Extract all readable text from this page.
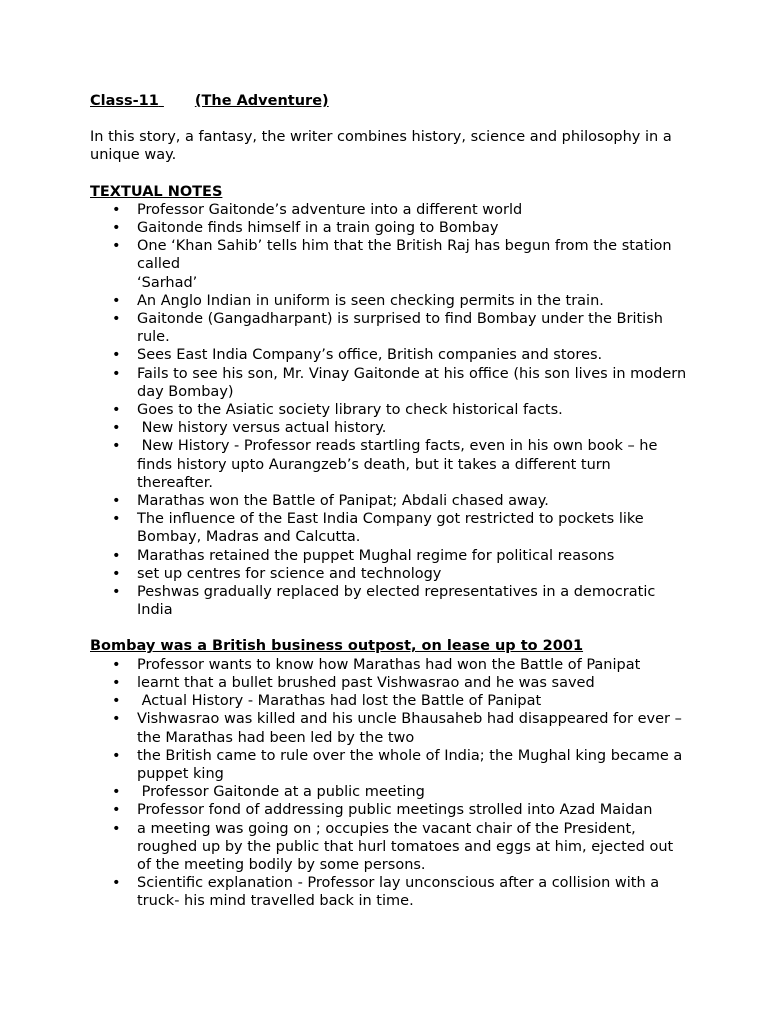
Class-11 (The Adventure)

In this story, a fantasy, the writer combines history, science and philosophy in a unique way.

TEXTUAL NOTES
• Professor Gaitonde’s adventure into a different world
• Gaitonde finds himself in a train going to Bombay
• One ‘Khan Sahib’ tells him that the British Raj has begun from the station called
‘Sarhad’
• An Anglo Indian in uniform is seen checking permits in the train.
• Gaitonde (Gangadharpant) is surprised to find Bombay under the British rule.
• Sees East India Company’s office, British companies and stores.
• Fails to see his son, Mr. Vinay Gaitonde at his office (his son lives in modern day Bombay)
• Goes to the Asiatic society library to check historical facts.
• New history versus actual history.
• New History - Professor reads startling facts, even in his own book – he finds history upto Aurangzeb’s death, but it takes a different turn thereafter.
• Marathas won the Battle of Panipat; Abdali chased away.
• The influence of the East India Company got restricted to pockets like Bombay, Madras and Calcutta.
• Marathas retained the puppet Mughal regime for political reasons
• set up centres for science and technology
• Peshwas gradually replaced by elected representatives in a democratic India
Bombay was a British business outpost, on lease up to 2001
• Professor wants to know how Marathas had won the Battle of Panipat
• learnt that a bullet brushed past Vishwasrao and he was saved
• Actual History - Marathas had lost the Battle of Panipat
• Vishwasrao was killed and his uncle Bhausaheb had disappeared for ever – the Marathas had been led by the two
• the British came to rule over the whole of India; the Mughal king became a puppet king
• Professor Gaitonde at a public meeting
• Professor fond of addressing public meetings strolled into Azad Maidan
• a meeting was going on ; occupies the vacant chair of the President, roughed up by the public that hurl tomatoes and eggs at him, ejected out of the meeting bodily by some persons.
• Scientific explanation - Professor lay unconscious after a collision with a truck- his mind travelled back in time.
